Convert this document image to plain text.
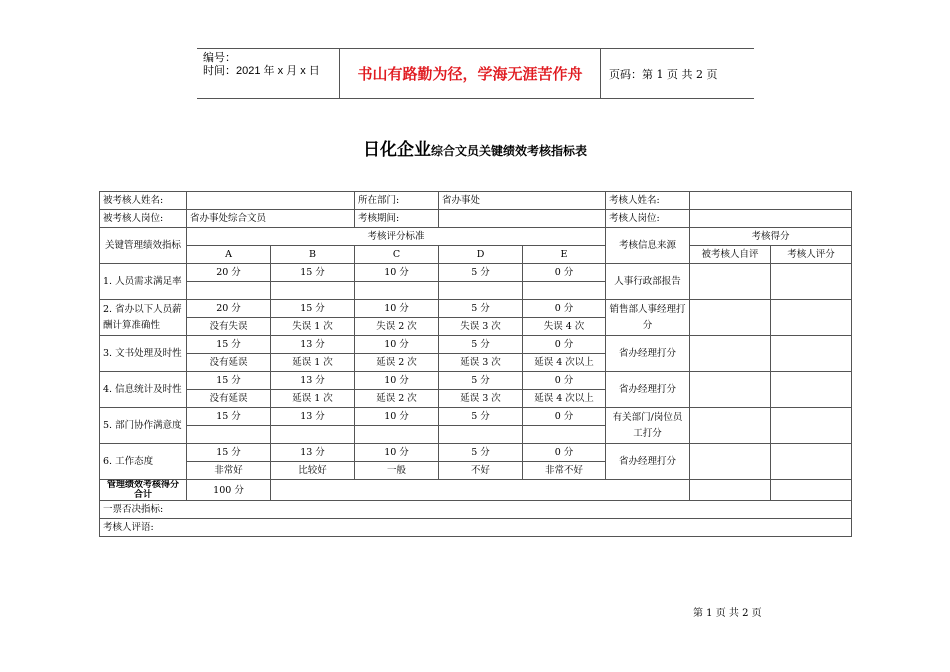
编号：
时间：2021 年 x 月 x 日	书山有路勤为径，学海无涯苦作舟	页码：第 1 页 共 2 页
日化企业综合文员关键绩效考核指标表
被考核人姓名:			所在部门:	省办事处		考核人姓名:		
被考核人岗位:	省办事处综合文员		考核期间:			考核人岗位:		
关键管理绩效指标	考核评分标准					考核信息来源	考核得分	
	A	B	C	D	E		被考核人自评	考核人评分
1. 人员需求满足率	20 分	15 分	10 分	5 分	0 分	人事行政部报告		

2. 省办以下人员薪酬计算准确性	20 分	15 分	10 分	5 分	0 分	销售部人事经理打分		
	没有失误	失误 1 次	失误 2 次	失误 3 次	失误 4 次			
3. 文书处理及时性	15 分	13 分	10 分	5 分	0 分	省办经理打分		
	没有延误	延误 1 次	延误 2 次	延误 3 次	延误 4 次以上			
4. 信息统计及时性	15 分	13 分	10 分	5 分	0 分	省办经理打分		
	没有延误	延误 1 次	延误 2 次	延误 3 次	延误 4 次以上			
5. 部门协作满意度	15 分	13 分	10 分	5 分	0 分	有关部门/岗位员工打分		

6. 工作态度	15 分	13 分	10 分	5 分	0 分	省办经理打分		
	非常好	比较好	一般	不好	非常不好			
管理绩效考核得分合计	100 分							
一票否决指标:								
考核人评语:								
第 1 页 共 2 页
